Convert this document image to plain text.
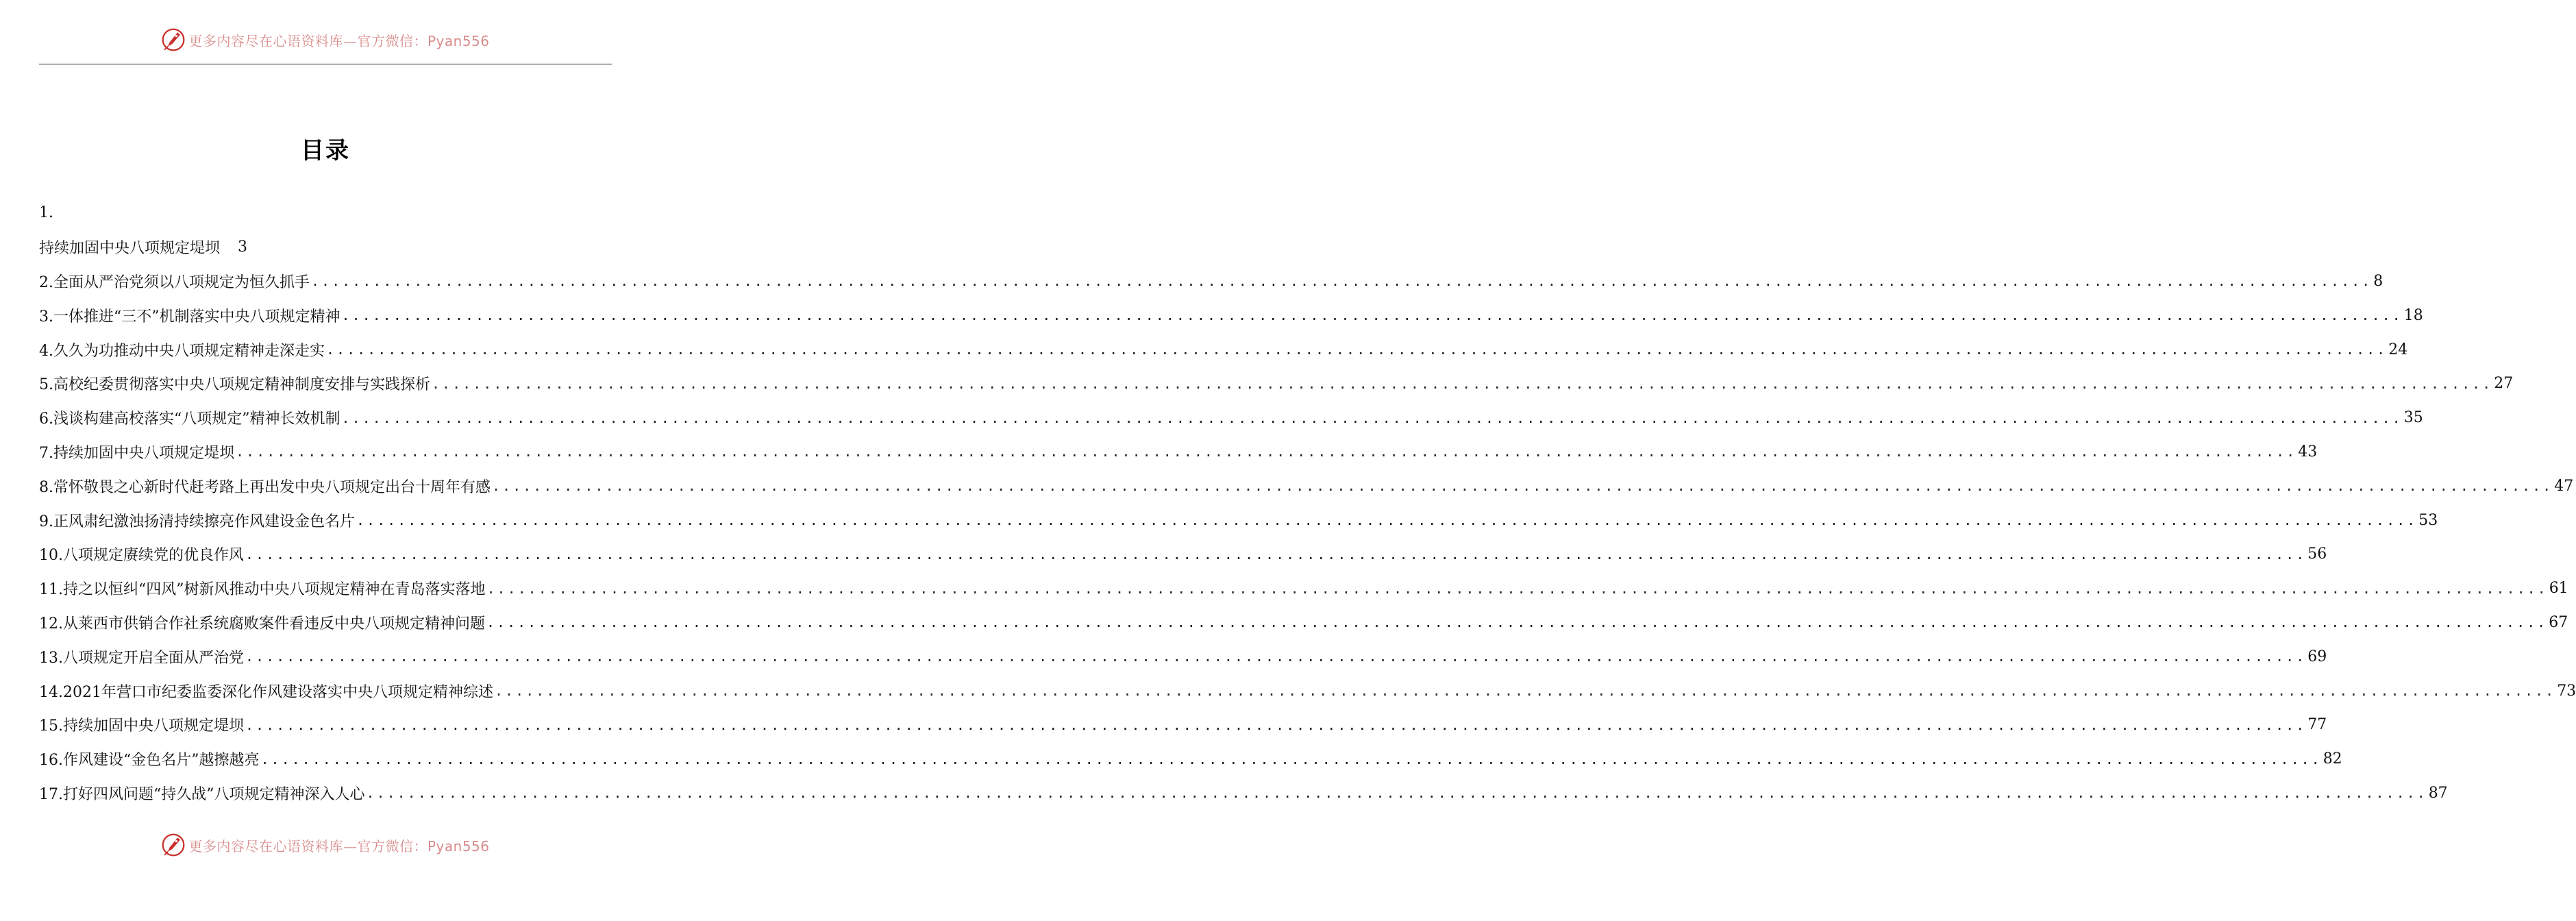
更多内容尽在心语资料库—官方微信：Pyan556
目录
1.
持续加固中央八项规定堤坝 3
2.全面从严治党须以八项规定为恒久抓手 ........................................................................................................................................................................................................ 8
3.一体推进“三不”机制落实中央八项规定精神 ........................................................................................................................................................................................................ 18
4.久久为功推动中央八项规定精神走深走实 ........................................................................................................................................................................................................ 24
5.高校纪委贯彻落实中央八项规定精神制度安排与实践探析 ........................................................................................................................................................................................................ 27
6.浅谈构建高校落实“八项规定”精神长效机制 ........................................................................................................................................................................................................ 35
7.持续加固中央八项规定堤坝 ........................................................................................................................................................................................................ 43
8.常怀敬畏之心新时代赶考路上再出发中央八项规定出台十周年有感 ........................................................................................................................................................................................................ 47
9.正风肃纪激浊扬清持续擦亮作风建设金色名片 ........................................................................................................................................................................................................ 53
10.八项规定赓续党的优良作风 ........................................................................................................................................................................................................ 56
11.持之以恒纠“四风”树新风推动中央八项规定精神在青岛落实落地 ........................................................................................................................................................................................................ 61
12.从莱西市供销合作社系统腐败案件看违反中央八项规定精神问题 ........................................................................................................................................................................................................ 67
13.八项规定开启全面从严治党 ........................................................................................................................................................................................................ 69
14.2021年营口市纪委监委深化作风建设落实中央八项规定精神综述 ........................................................................................................................................................................................................ 73
15.持续加固中央八项规定堤坝 ........................................................................................................................................................................................................ 77
16.作风建设“金色名片”越擦越亮 ........................................................................................................................................................................................................ 82
17.打好四风问题“持久战”八项规定精神深入人心 ........................................................................................................................................................................................................ 87
更多内容尽在心语资料库—官方微信：Pyan556
